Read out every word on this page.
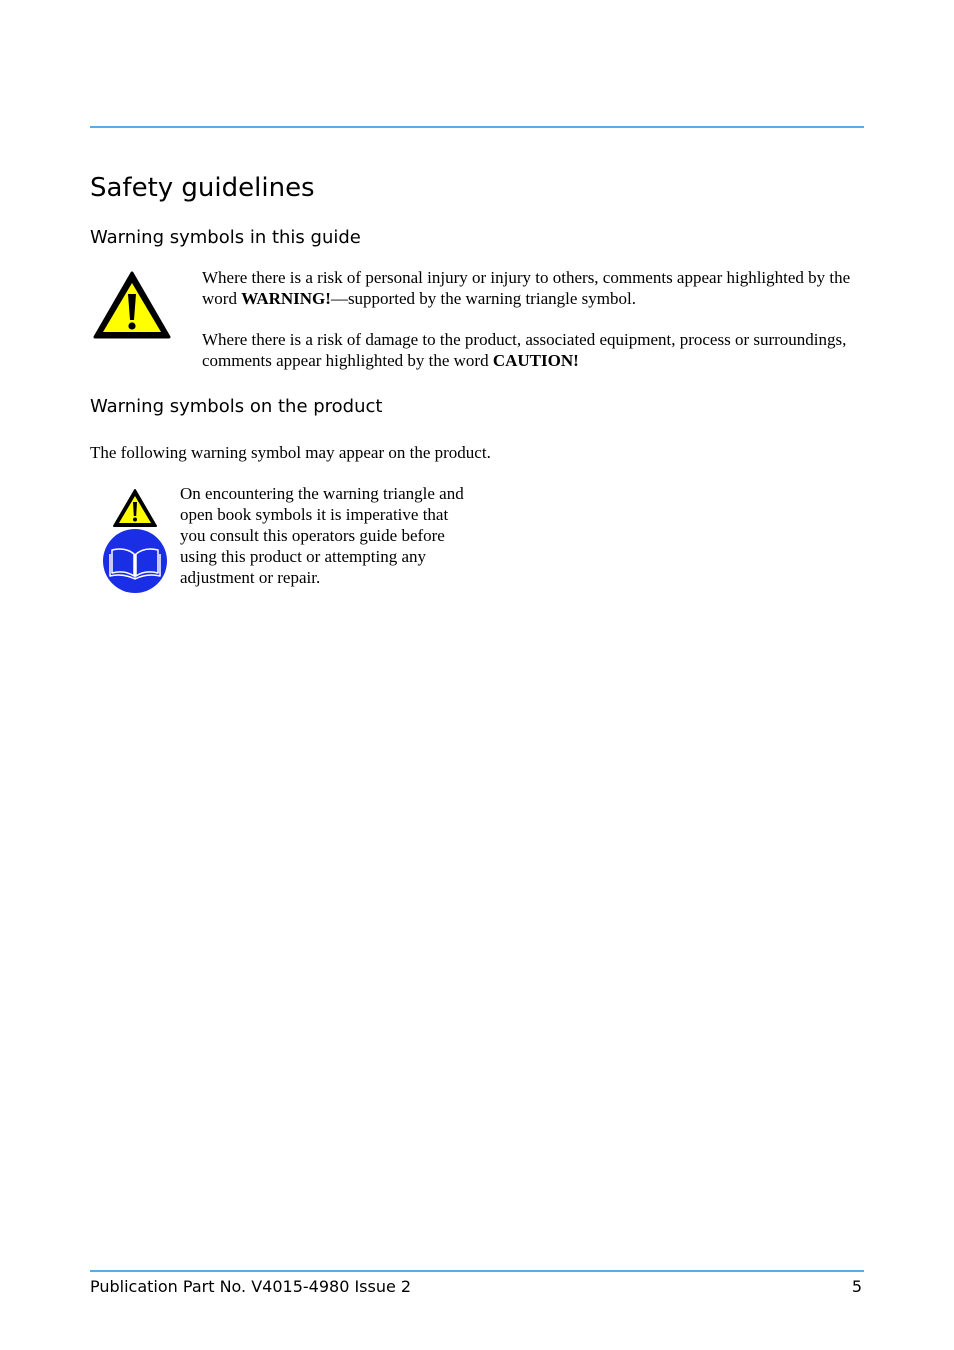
Safety guidelines
Warning symbols in this guide

Where there is a risk of personal injury or injury to others, comments appear highlighted by the word WARNING!—supported by the warning triangle symbol.

Where there is a risk of damage to the product, associated equipment, process or surroundings, comments appear highlighted by the word CAUTION!

Warning symbols on the product

The following warning symbol may appear on the product.

On encountering the warning triangle and open book symbols it is imperative that you consult this operators guide before using this product or attempting any adjustment or repair.

Publication Part No. V4015-4980 Issue 2	5
